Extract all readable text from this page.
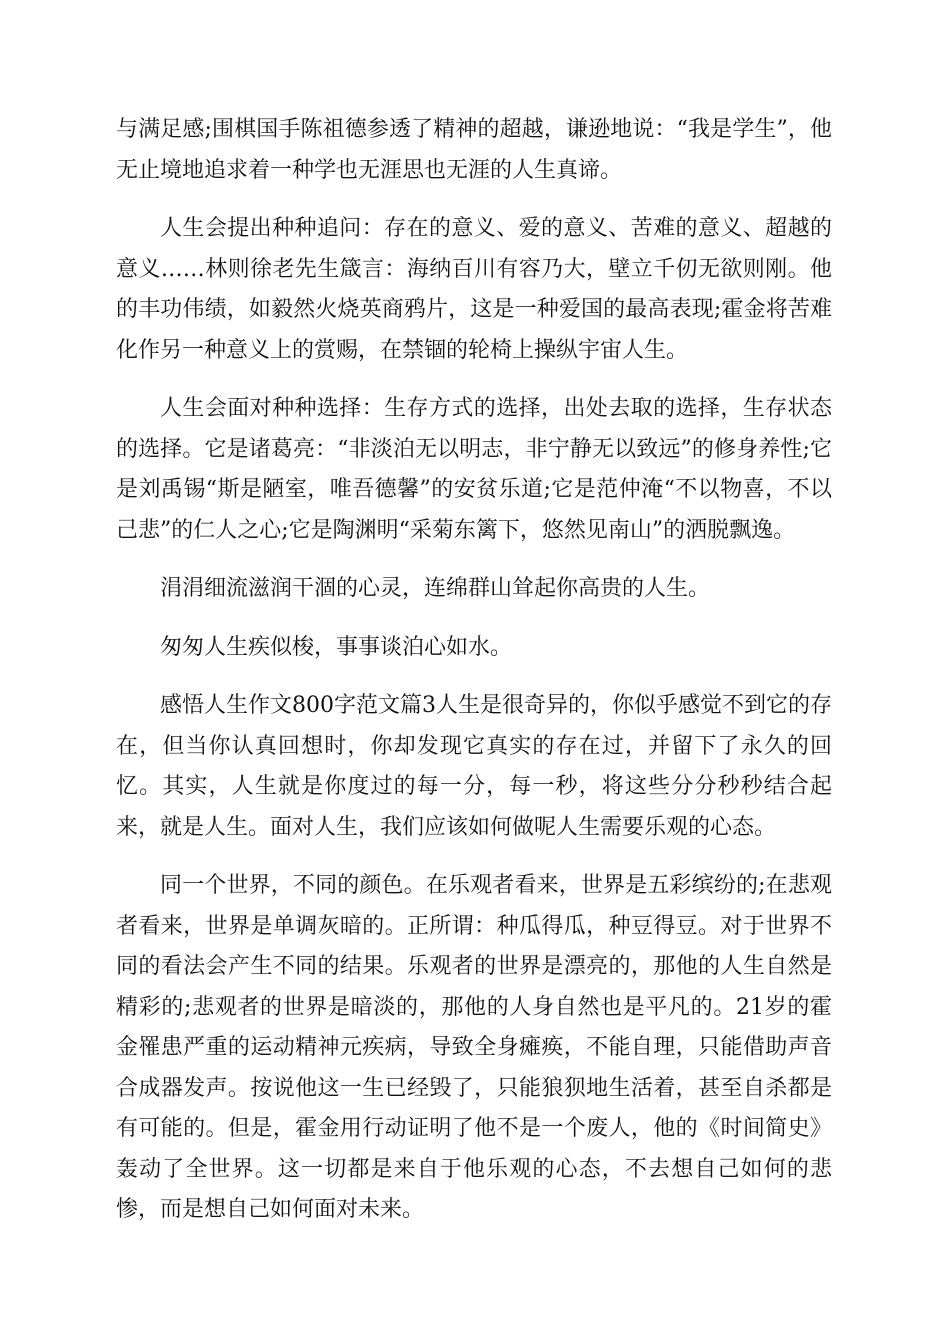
与满足感;围棋国手陈祖德参透了精神的超越，谦逊地说：“我是学生”，他无止境地追求着一种学也无涯思也无涯的人生真谛。

人生会提出种种追问：存在的意义、爱的意义、苦难的意义、超越的意义……林则徐老先生箴言：海纳百川有容乃大，壁立千仞无欲则刚。他的丰功伟绩，如毅然火烧英商鸦片，这是一种爱国的最高表现;霍金将苦难化作另一种意义上的赏赐，在禁锢的轮椅上操纵宇宙人生。

人生会面对种种选择：生存方式的选择，出处去取的选择，生存状态的选择。它是诸葛亮：“非淡泊无以明志，非宁静无以致远”的修身养性;它是刘禹锡“斯是陋室，唯吾德馨”的安贫乐道;它是范仲淹“不以物喜，不以己悲”的仁人之心;它是陶渊明“采菊东篱下，悠然见南山”的洒脱飘逸。

涓涓细流滋润干涸的心灵，连绵群山耸起你高贵的人生。

匆匆人生疾似梭，事事谈泊心如水。

感悟人生作文800字范文篇3人生是很奇异的，你似乎感觉不到它的存在，但当你认真回想时，你却发现它真实的存在过，并留下了永久的回忆。其实，人生就是你度过的每一分，每一秒，将这些分分秒秒结合起来，就是人生。面对人生，我们应该如何做呢人生需要乐观的心态。

同一个世界，不同的颜色。在乐观者看来，世界是五彩缤纷的;在悲观者看来，世界是单调灰暗的。正所谓：种瓜得瓜，种豆得豆。对于世界不同的看法会产生不同的结果。乐观者的世界是漂亮的，那他的人生自然是精彩的;悲观者的世界是暗淡的，那他的人身自然也是平凡的。21岁的霍金罹患严重的运动精神元疾病，导致全身瘫痪，不能自理，只能借助声音合成器发声。按说他这一生已经毁了，只能狼狈地生活着，甚至自杀都是有可能的。但是，霍金用行动证明了他不是一个废人，他的《时间简史》轰动了全世界。这一切都是来自于他乐观的心态，不去想自己如何的悲惨，而是想自己如何面对未来。
